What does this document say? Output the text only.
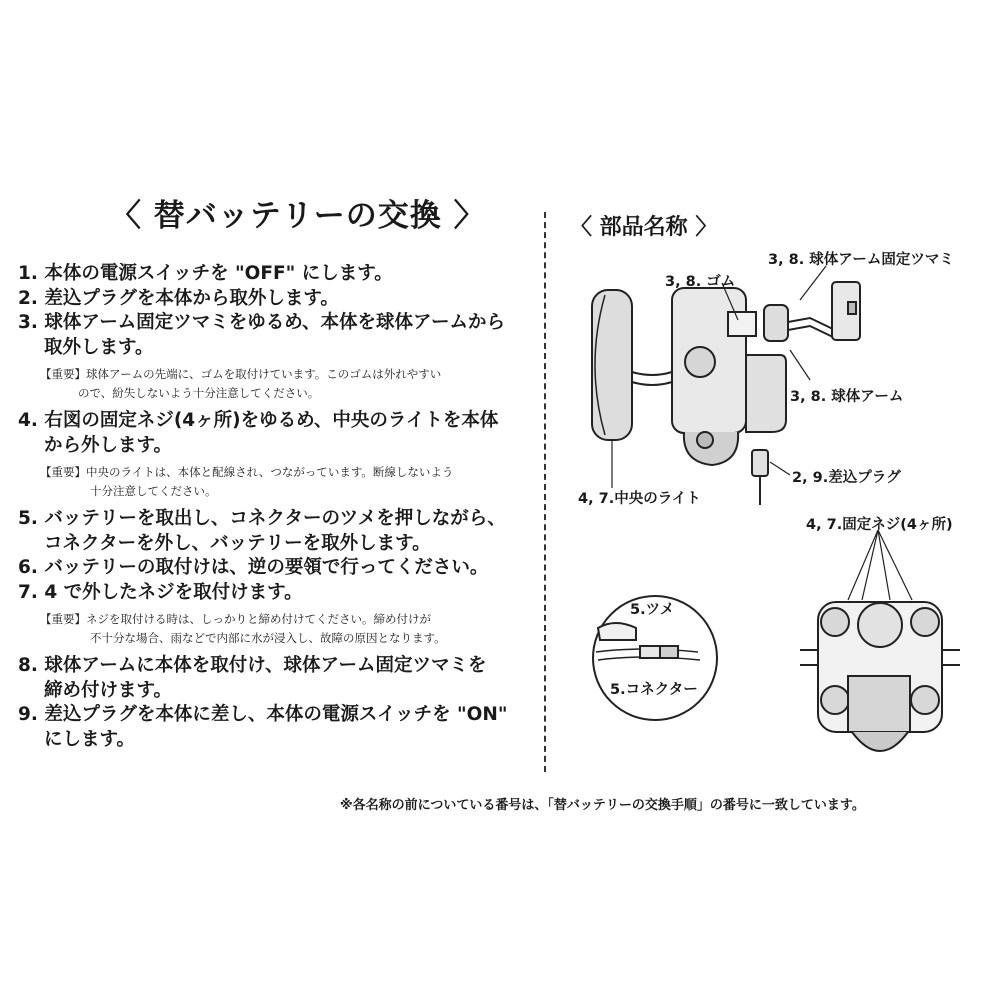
〈 替バッテリーの交換 〉
1. 本体の電源スイッチを "OFF" にします。
2. 差込プラグを本体から取外します。
3. 球体アーム固定ツマミをゆるめ、本体を球体アームから
取外します。
【重要】球体アームの先端に、ゴムを取付けています。このゴムは外れやすい
ので、紛失しないよう十分注意してください。
4. 右図の固定ネジ(4ヶ所)をゆるめ、中央のライトを本体
から外します。
【重要】中央のライトは、本体と配線され、つながっています。断線しないよう
十分注意してください。
5. バッテリーを取出し、コネクターのツメを押しながら、
コネクターを外し、バッテリーを取外します。
6. バッテリーの取付けは、逆の要領で行ってください。
7. 4 で外したネジを取付けます。
【重要】ネジを取付ける時は、しっかりと締め付けてください。締め付けが
不十分な場合、雨などで内部に水が浸入し、故障の原因となります。
8. 球体アームに本体を取付け、球体アーム固定ツマミを
締め付けます。
9. 差込プラグを本体に差し、本体の電源スイッチを "ON"
にします。
〈 部品名称 〉
3, 8. ゴム
3, 8. 球体アーム固定ツマミ
3, 8. 球体アーム
2, 9.差込プラグ
4, 7.中央のライト
4, 7.固定ネジ(4ヶ所)
5.ツメ
5.コネクター
※各名称の前についている番号は、「替バッテリーの交換手順」の番号に一致しています。
